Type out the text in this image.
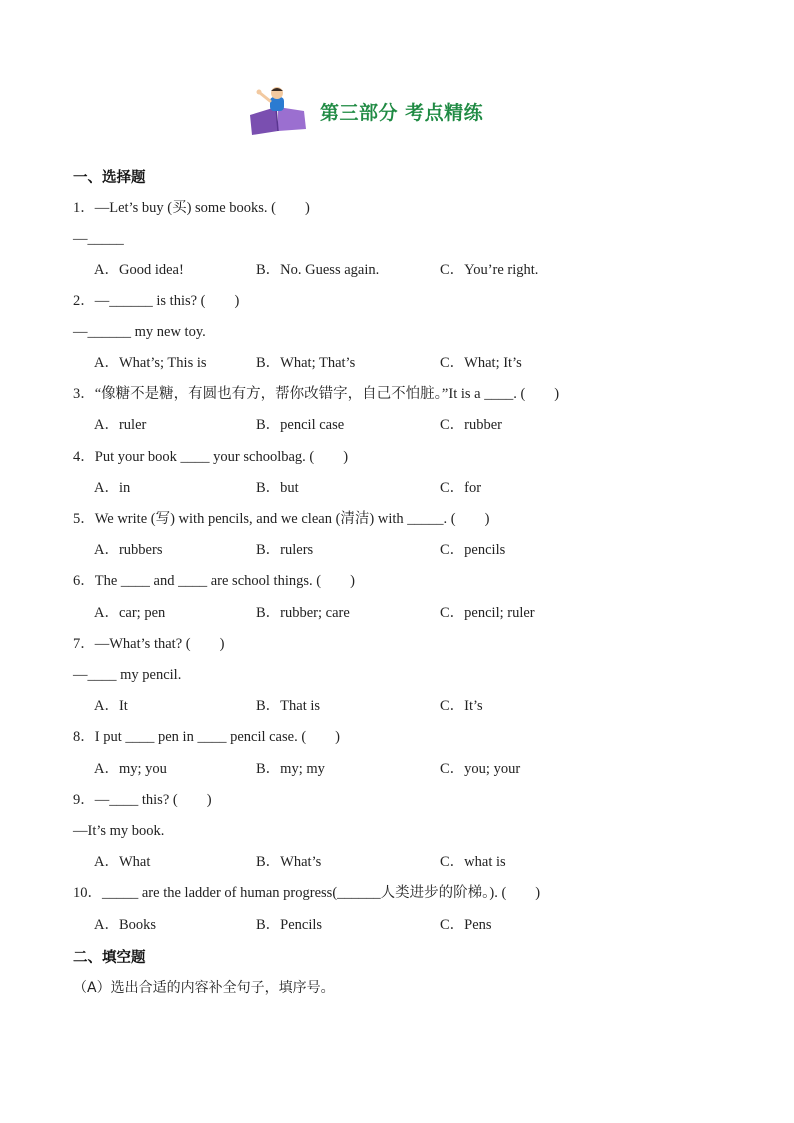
第三部分 考点精练
一、选择题
1．—Let’s buy (买) some books. (　　)
—_____
A．Good idea!	B．No. Guess again.	C．You’re right.
2．—______ is this? (　　)
—______ my new toy.
A．What’s; This is	B．What; That’s	C．What; It’s
3．“像糖不是糖，有圆也有方，帮你改错字，自己不怕脏。”It is a ____. (　　)
A．ruler	B．pencil case	C．rubber
4．Put your book ____ your schoolbag. (　　)
A．in	B．but	C．for
5．We write (写) with pencils, and we clean (清洁) with _____. (　　)
A．rubbers	B．rulers	C．pencils
6．The ____ and ____ are school things. (　　)
A．car; pen	B．rubber; care	C．pencil; ruler
7．—What’s that? (　　)
—____ my pencil.
A．It	B．That is	C．It’s
8．I put ____ pen in ____ pencil case. (　　)
A．my; you	B．my; my	C．you; your
9．—____ this? (　　)
—It’s my book.
A．What	B．What’s	C．what is
10．_____ are the ladder of human progress(______人类进步的阶梯。). (　　)
A．Books	B．Pencils	C．Pens
二、填空题
（A）选出合适的内容补全句子，填序号。
